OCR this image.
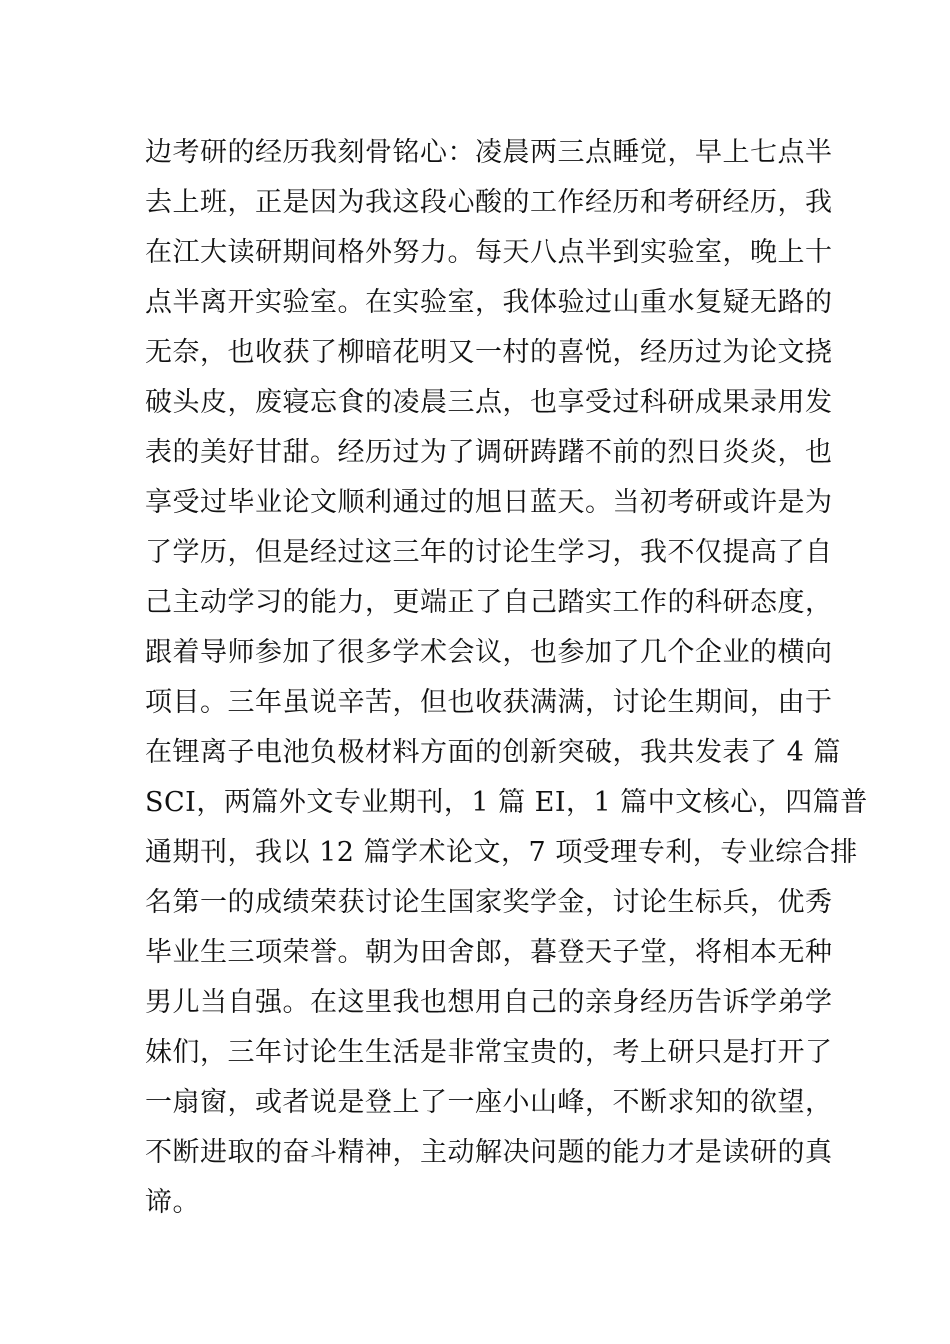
边考研的经历我刻骨铭心：凌晨两三点睡觉，早上七点半
去上班，正是因为我这段心酸的工作经历和考研经历，我
在江大读研期间格外努力。每天八点半到实验室，晚上十
点半离开实验室。在实验室，我体验过山重水复疑无路的
无奈，也收获了柳暗花明又一村的喜悦，经历过为论文挠
破头皮，废寝忘食的凌晨三点，也享受过科研成果录用发
表的美好甘甜。经历过为了调研踌躇不前的烈日炎炎，也
享受过毕业论文顺利通过的旭日蓝天。当初考研或许是为
了学历，但是经过这三年的讨论生学习，我不仅提高了自
己主动学习的能力，更端正了自己踏实工作的科研态度，
跟着导师参加了很多学术会议，也参加了几个企业的横向
项目。三年虽说辛苦，但也收获满满，讨论生期间，由于
在锂离子电池负极材料方面的创新突破，我共发表了 4 篇
SCI，两篇外文专业期刊，1 篇 EI，1 篇中文核心，四篇普
通期刊，我以 12 篇学术论文，7 项受理专利，专业综合排
名第一的成绩荣获讨论生国家奖学金，讨论生标兵，优秀
毕业生三项荣誉。朝为田舍郎，暮登天子堂，将相本无种
男儿当自强。在这里我也想用自己的亲身经历告诉学弟学
妹们，三年讨论生生活是非常宝贵的，考上研只是打开了
一扇窗，或者说是登上了一座小山峰，不断求知的欲望，
不断进取的奋斗精神，主动解决问题的能力才是读研的真
谛。
